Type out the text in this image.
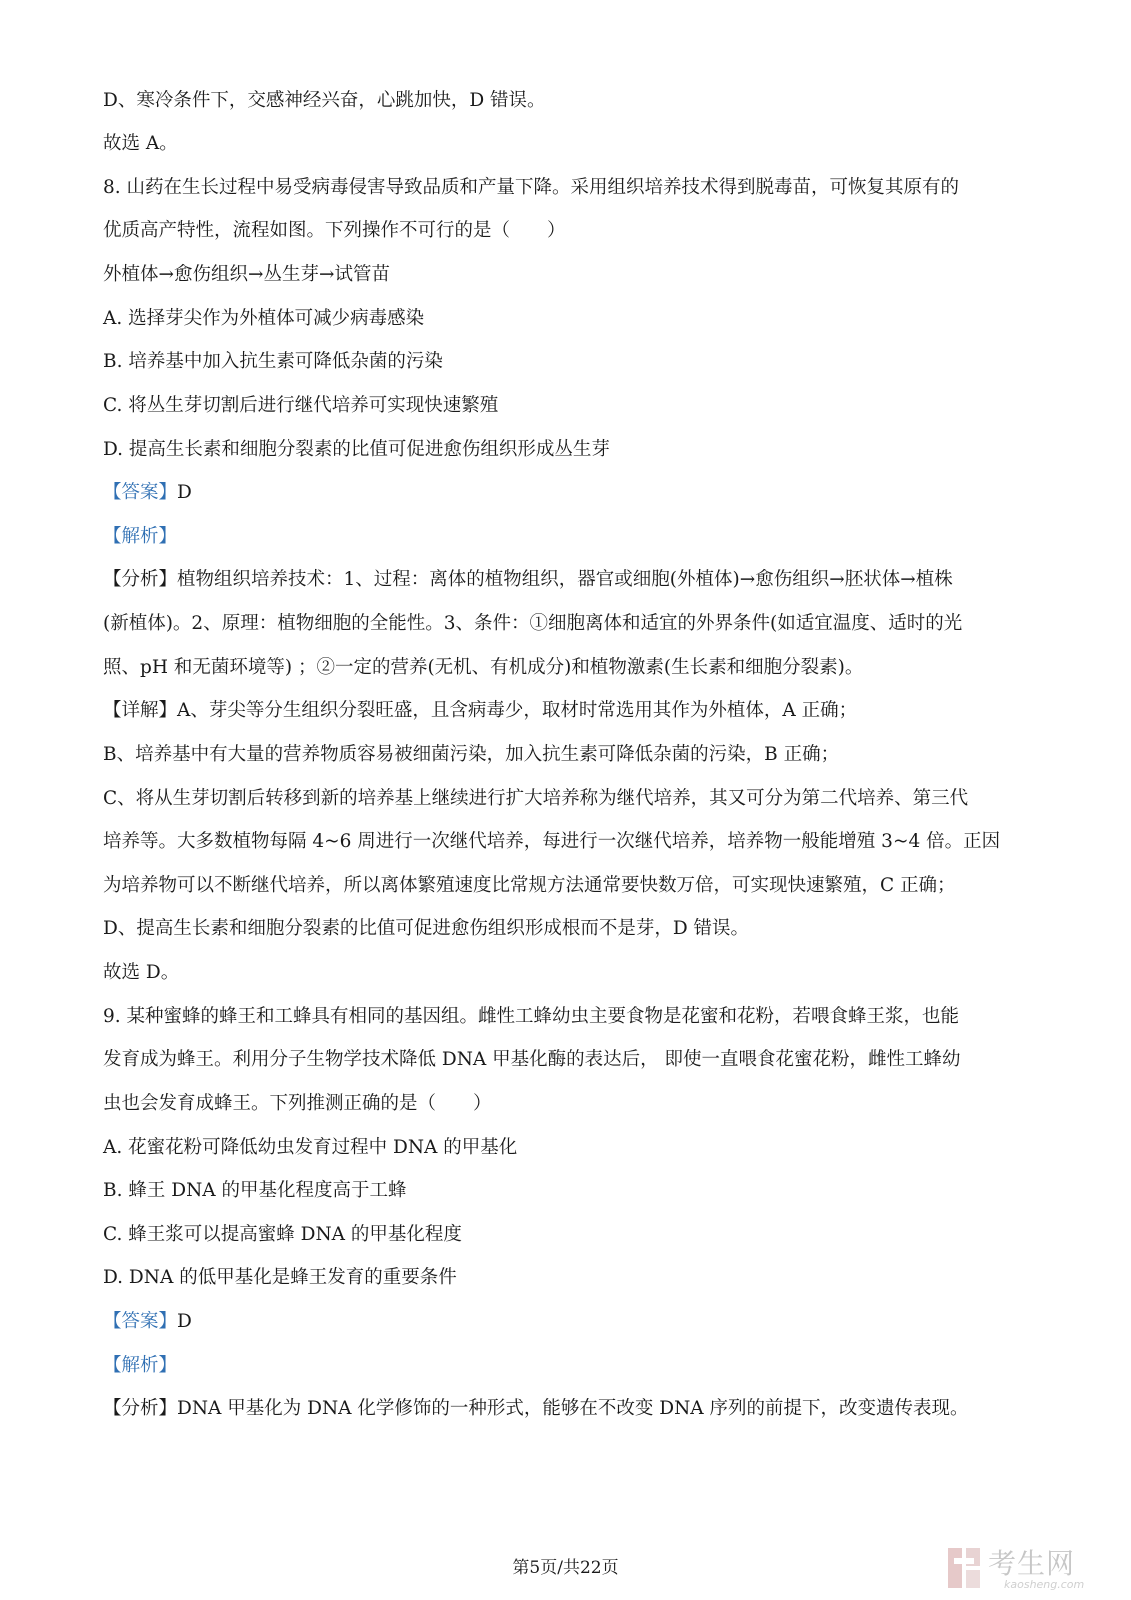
D、寒冷条件下，交感神经兴奋，心跳加快，D 错误。

故选 A。

8. 山药在生长过程中易受病毒侵害导致品质和产量下降。采用组织培养技术得到脱毒苗，可恢复其原有的

优质高产特性，流程如图。下列操作不可行的是（　　）

外植体→愈伤组织→丛生芽→试管苗

A. 选择芽尖作为外植体可减少病毒感染

B. 培养基中加入抗生素可降低杂菌的污染

C. 将丛生芽切割后进行继代培养可实现快速繁殖

D. 提高生长素和细胞分裂素的比值可促进愈伤组织形成丛生芽

【答案】D

【解析】

【分析】植物组织培养技术：1、过程：离体的植物组织，器官或细胞(外植体)→愈伤组织→胚状体→植株

(新植体)。2、原理：植物细胞的全能性。3、条件：①细胞离体和适宜的外界条件(如适宜温度、适时的光

照、pH 和无菌环境等) ；②一定的营养(无机、有机成分)和植物激素(生长素和细胞分裂素)。

【详解】A、芽尖等分生组织分裂旺盛，且含病毒少，取材时常选用其作为外植体，A 正确；

B、培养基中有大量的营养物质容易被细菌污染，加入抗生素可降低杂菌的污染，B 正确；

C、将从生芽切割后转移到新的培养基上继续进行扩大培养称为继代培养，其又可分为第二代培养、第三代

培养等。大多数植物每隔 4~6 周进行一次继代培养，每进行一次继代培养，培养物一般能增殖 3~4 倍。正因

为培养物可以不断继代培养，所以离体繁殖速度比常规方法通常要快数万倍，可实现快速繁殖，C 正确；

D、提高生长素和细胞分裂素的比值可促进愈伤组织形成根而不是芽，D 错误。

故选 D。

9. 某种蜜蜂的蜂王和工蜂具有相同的基因组。雌性工蜂幼虫主要食物是花蜜和花粉，若喂食蜂王浆，也能

发育成为蜂王。利用分子生物学技术降低 DNA 甲基化酶的表达后， 即使一直喂食花蜜花粉，雌性工蜂幼

虫也会发育成蜂王。下列推测正确的是（　　）

A. 花蜜花粉可降低幼虫发育过程中 DNA 的甲基化

B. 蜂王 DNA 的甲基化程度高于工蜂

C. 蜂王浆可以提高蜜蜂 DNA 的甲基化程度

D. DNA 的低甲基化是蜂王发育的重要条件

【答案】D

【解析】

【分析】DNA 甲基化为 DNA 化学修饰的一种形式，能够在不改变 DNA 序列的前提下，改变遗传表现。

第5页/共22页	考生网
kaosheng.com
